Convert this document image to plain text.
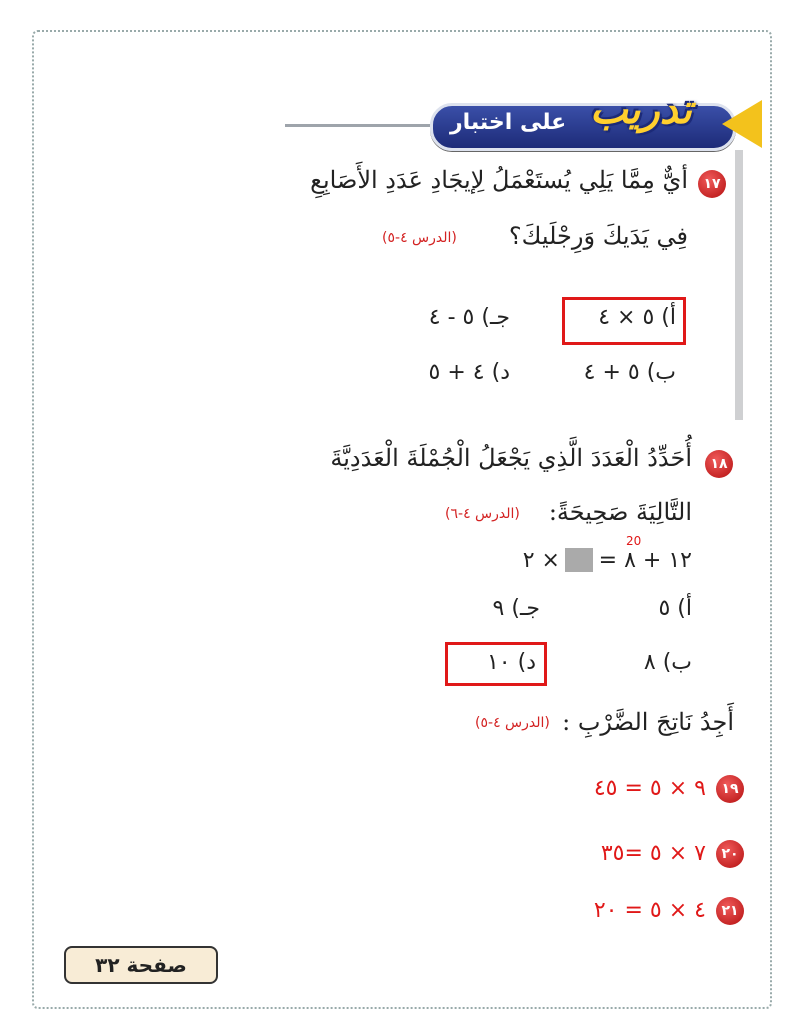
على اختبار تدريب
١٧
أيٌّ مِمَّا يَلِي يُستَعْمَلُ لِإيجَادِ عَدَدِ الأَصَابِعِ
فِي يَدَيكَ وَرِجْلَيكَ؟
(الدرس ٤-٥)
أ) ٥ × ٤
ب) ٥ + ٤
جـ) ٥ - ٤
د) ٤ + ٥
١٨
أُحَدِّدُ الْعَدَدَ الَّذِي يَجْعَلُ الْجُمْلَةَ الْعَدَدِيَّةَ
التَّالِيَةَ صَحِيحَةً:
(الدرس ٤-٦)
20
١٢ + ٨ =
× ٢
أ) ٥
ب) ٨
جـ) ٩
د) ١٠
أَجِدُ نَاتِجَ الضَّرْبِ :
(الدرس ٤-٥)
١٩
٩ × ٥ = ٤٥
٢٠
٧ × ٥ =٣٥
٢١
٤ × ٥ = ٢٠
صفحة ٣٢
